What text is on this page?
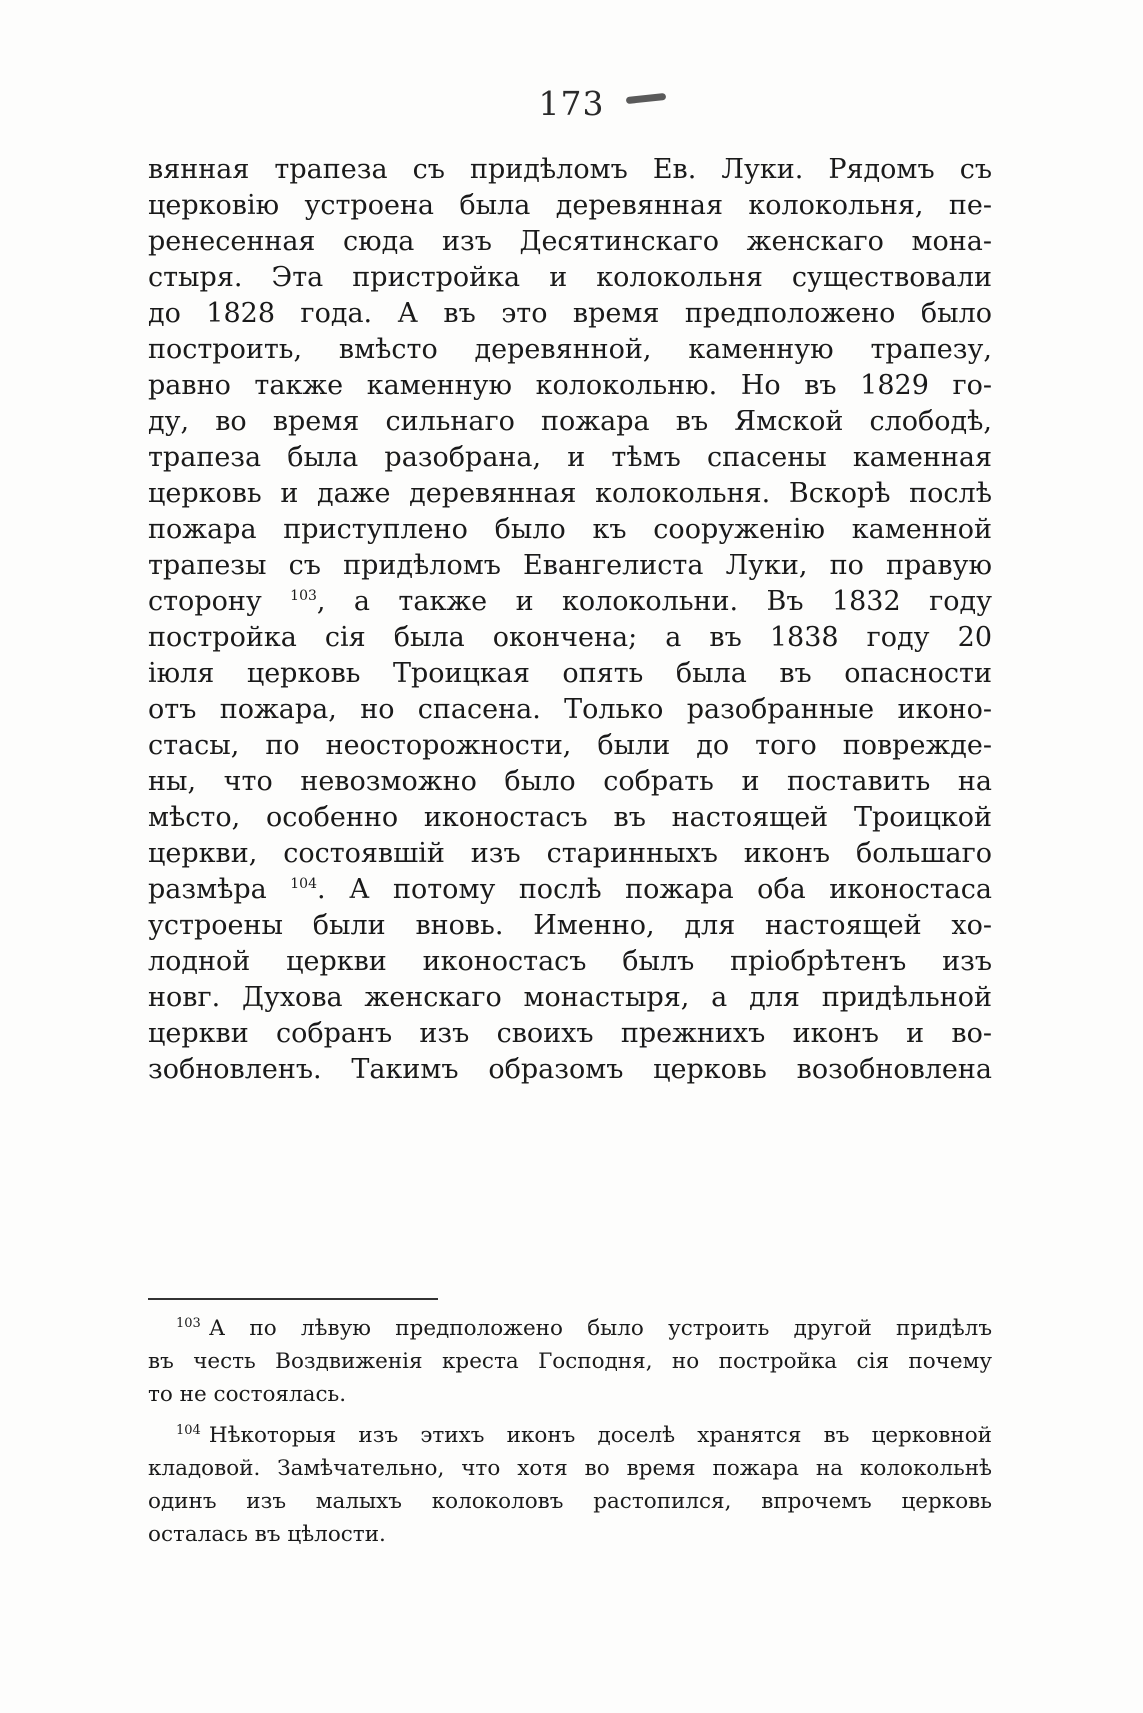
173
вянная трапеза съ придѣломъ Ев. Луки. Рядомъ съ
церковію устроена была деревянная колокольня, пе-
ренесенная сюда изъ Десятинскаго женскаго мона-
стыря. Эта пристройка и колокольня существовали
до 1828 года. А въ это время предположено было
построить, вмѣсто деревянной, каменную трапезу,
равно также каменную колокольню. Но въ 1829 го-
ду, во время сильнаго пожара въ Ямской слободѣ,
трапеза была разобрана, и тѣмъ спасены каменная
церковь и даже деревянная колокольня. Вскорѣ послѣ
пожара приступлено было къ сооруженію каменной
трапезы съ придѣломъ Евангелиста Луки, по правую
сторону $^{103}$, а также и колокольни. Въ 1832 году
постройка сія была окончена; а въ 1838 году 20
іюля церковь Троицкая опять была въ опасности
отъ пожара, но спасена. Только разобранные иконо-
стасы, по неосторожности, были до того поврежде-
ны, что невозможно было собрать и поставить на
мѣсто, особенно иконостасъ въ настоящей Троицкой
церкви, состоявшій изъ старинныхъ иконъ большаго
размѣра $^{104}$. А потому послѣ пожара оба иконостаса
устроены были вновь. Именно, для настоящей хо-
лодной церкви иконостасъ былъ пріобрѣтенъ изъ
новг. Духова женскаго монастыря, а для придѣльной
церкви собранъ изъ своихъ прежнихъ иконъ и во-
зобновленъ. Такимъ образомъ церковь возобновлена
$^{103}$ А по лѣвую предположено было устроить другой придѣлъ
въ честь Воздвиженія креста Господня, но постройка сія почему
то не состоялась.
$^{104}$ Нѣкоторыя изъ этихъ иконъ доселѣ хранятся въ церковной
кладовой. Замѣчательно, что хотя во время пожара на колокольнѣ
одинъ изъ малыхъ колоколовъ растопился, впрочемъ церковь
осталась въ цѣлости.
